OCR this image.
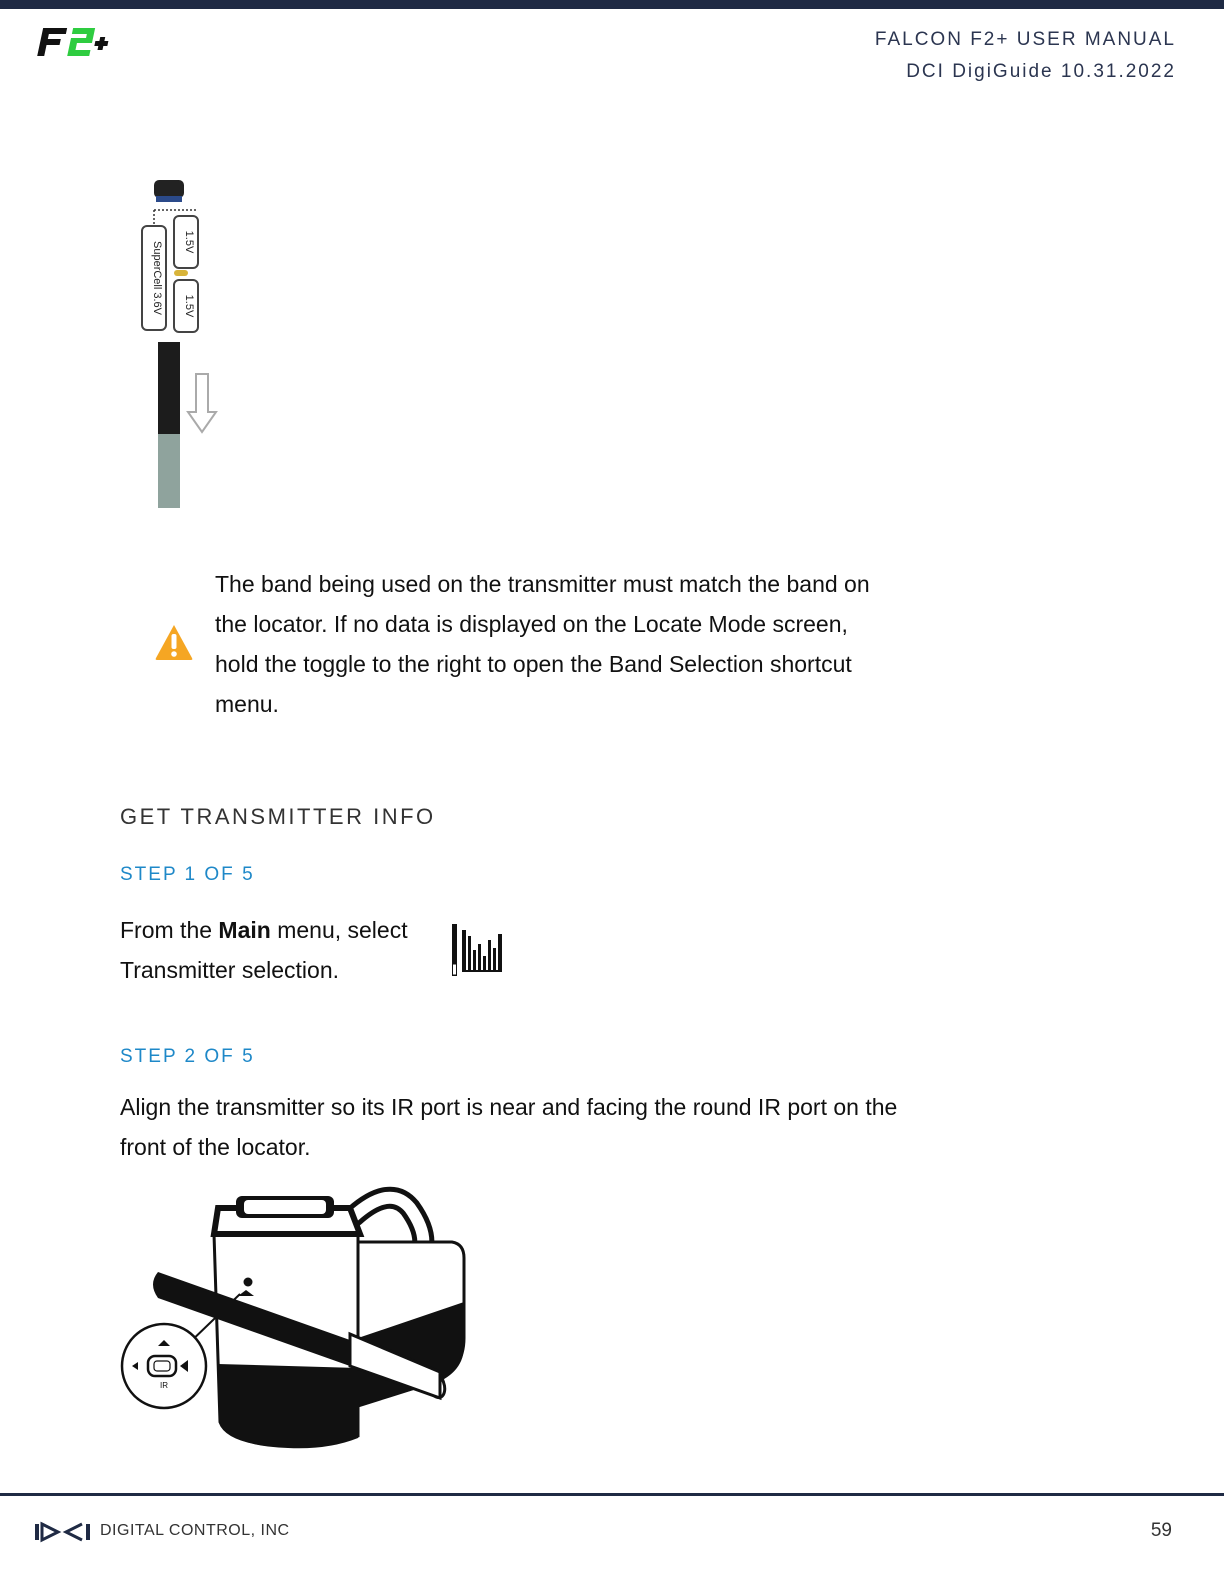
FALCON F2+ USER MANUAL
DCI DigiGuide 10.31.2022
SuperCell 3.6V 1.5V
1.5V
The band being used on the transmitter must match the band on the locator. If no data is displayed on the Locate Mode screen, hold the toggle to the right to open the Band Selection shortcut menu.
GET TRANSMITTER INFO
STEP 1 OF 5
From the Main menu, select Transmitter selection.
STEP 2 OF 5
Align the transmitter so its IR port is near and facing the round IR port on the front of the locator.
IR
DIGITAL CONTROL, INC	59
